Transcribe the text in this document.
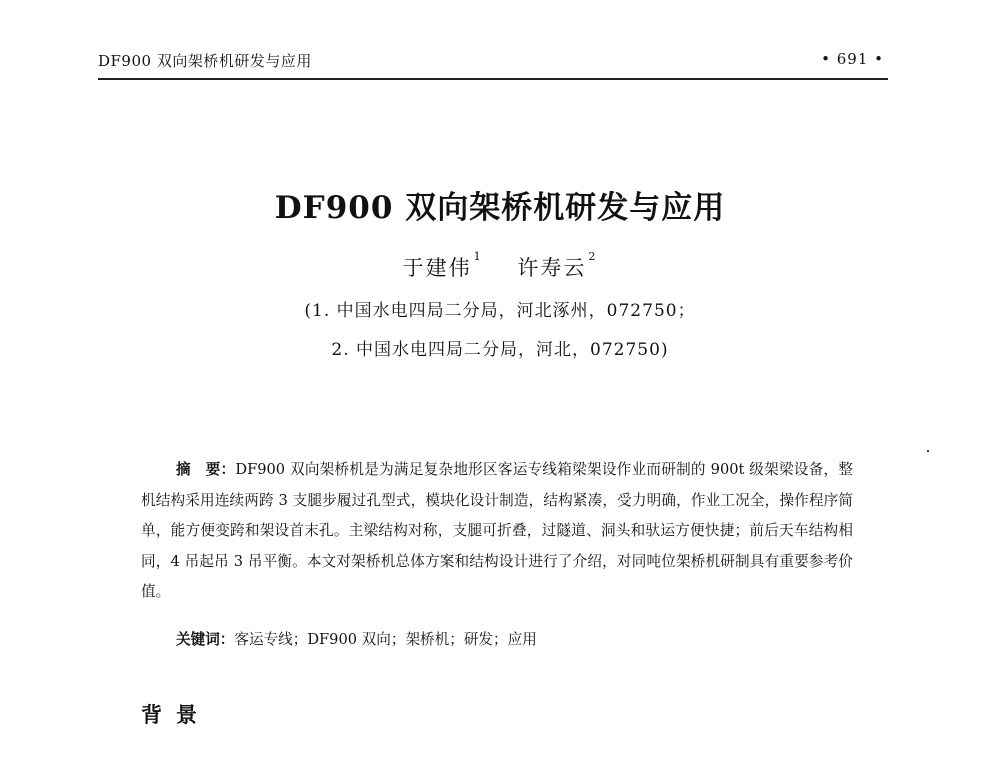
DF900 双向架桥机研发与应用	• 691 •
DF900 双向架桥机研发与应用
于建伟 $^1$ 许寿云 $^2$
(1. 中国水电四局二分局，河北涿州，072750；
2. 中国水电四局二分局，河北，072750)

摘　要：DF900 双向架桥机是为满足复杂地形区客运专线箱梁架设作业而研制的 900t 级架梁设备，整机结构采用连续两跨 3 支腿步履过孔型式，模块化设计制造，结构紧凑，受力明确，作业工况全，操作程序简单，能方便变跨和架设首末孔。主梁结构对称，支腿可折叠，过隧道、洞头和驮运方便快捷；前后天车结构相同，4 吊起吊 3 吊平衡。本文对架桥机总体方案和结构设计进行了介绍，对同吨位架桥机研制具有重要参考价值。

关键词：客运专线；DF900 双向；架桥机；研发；应用

背景
